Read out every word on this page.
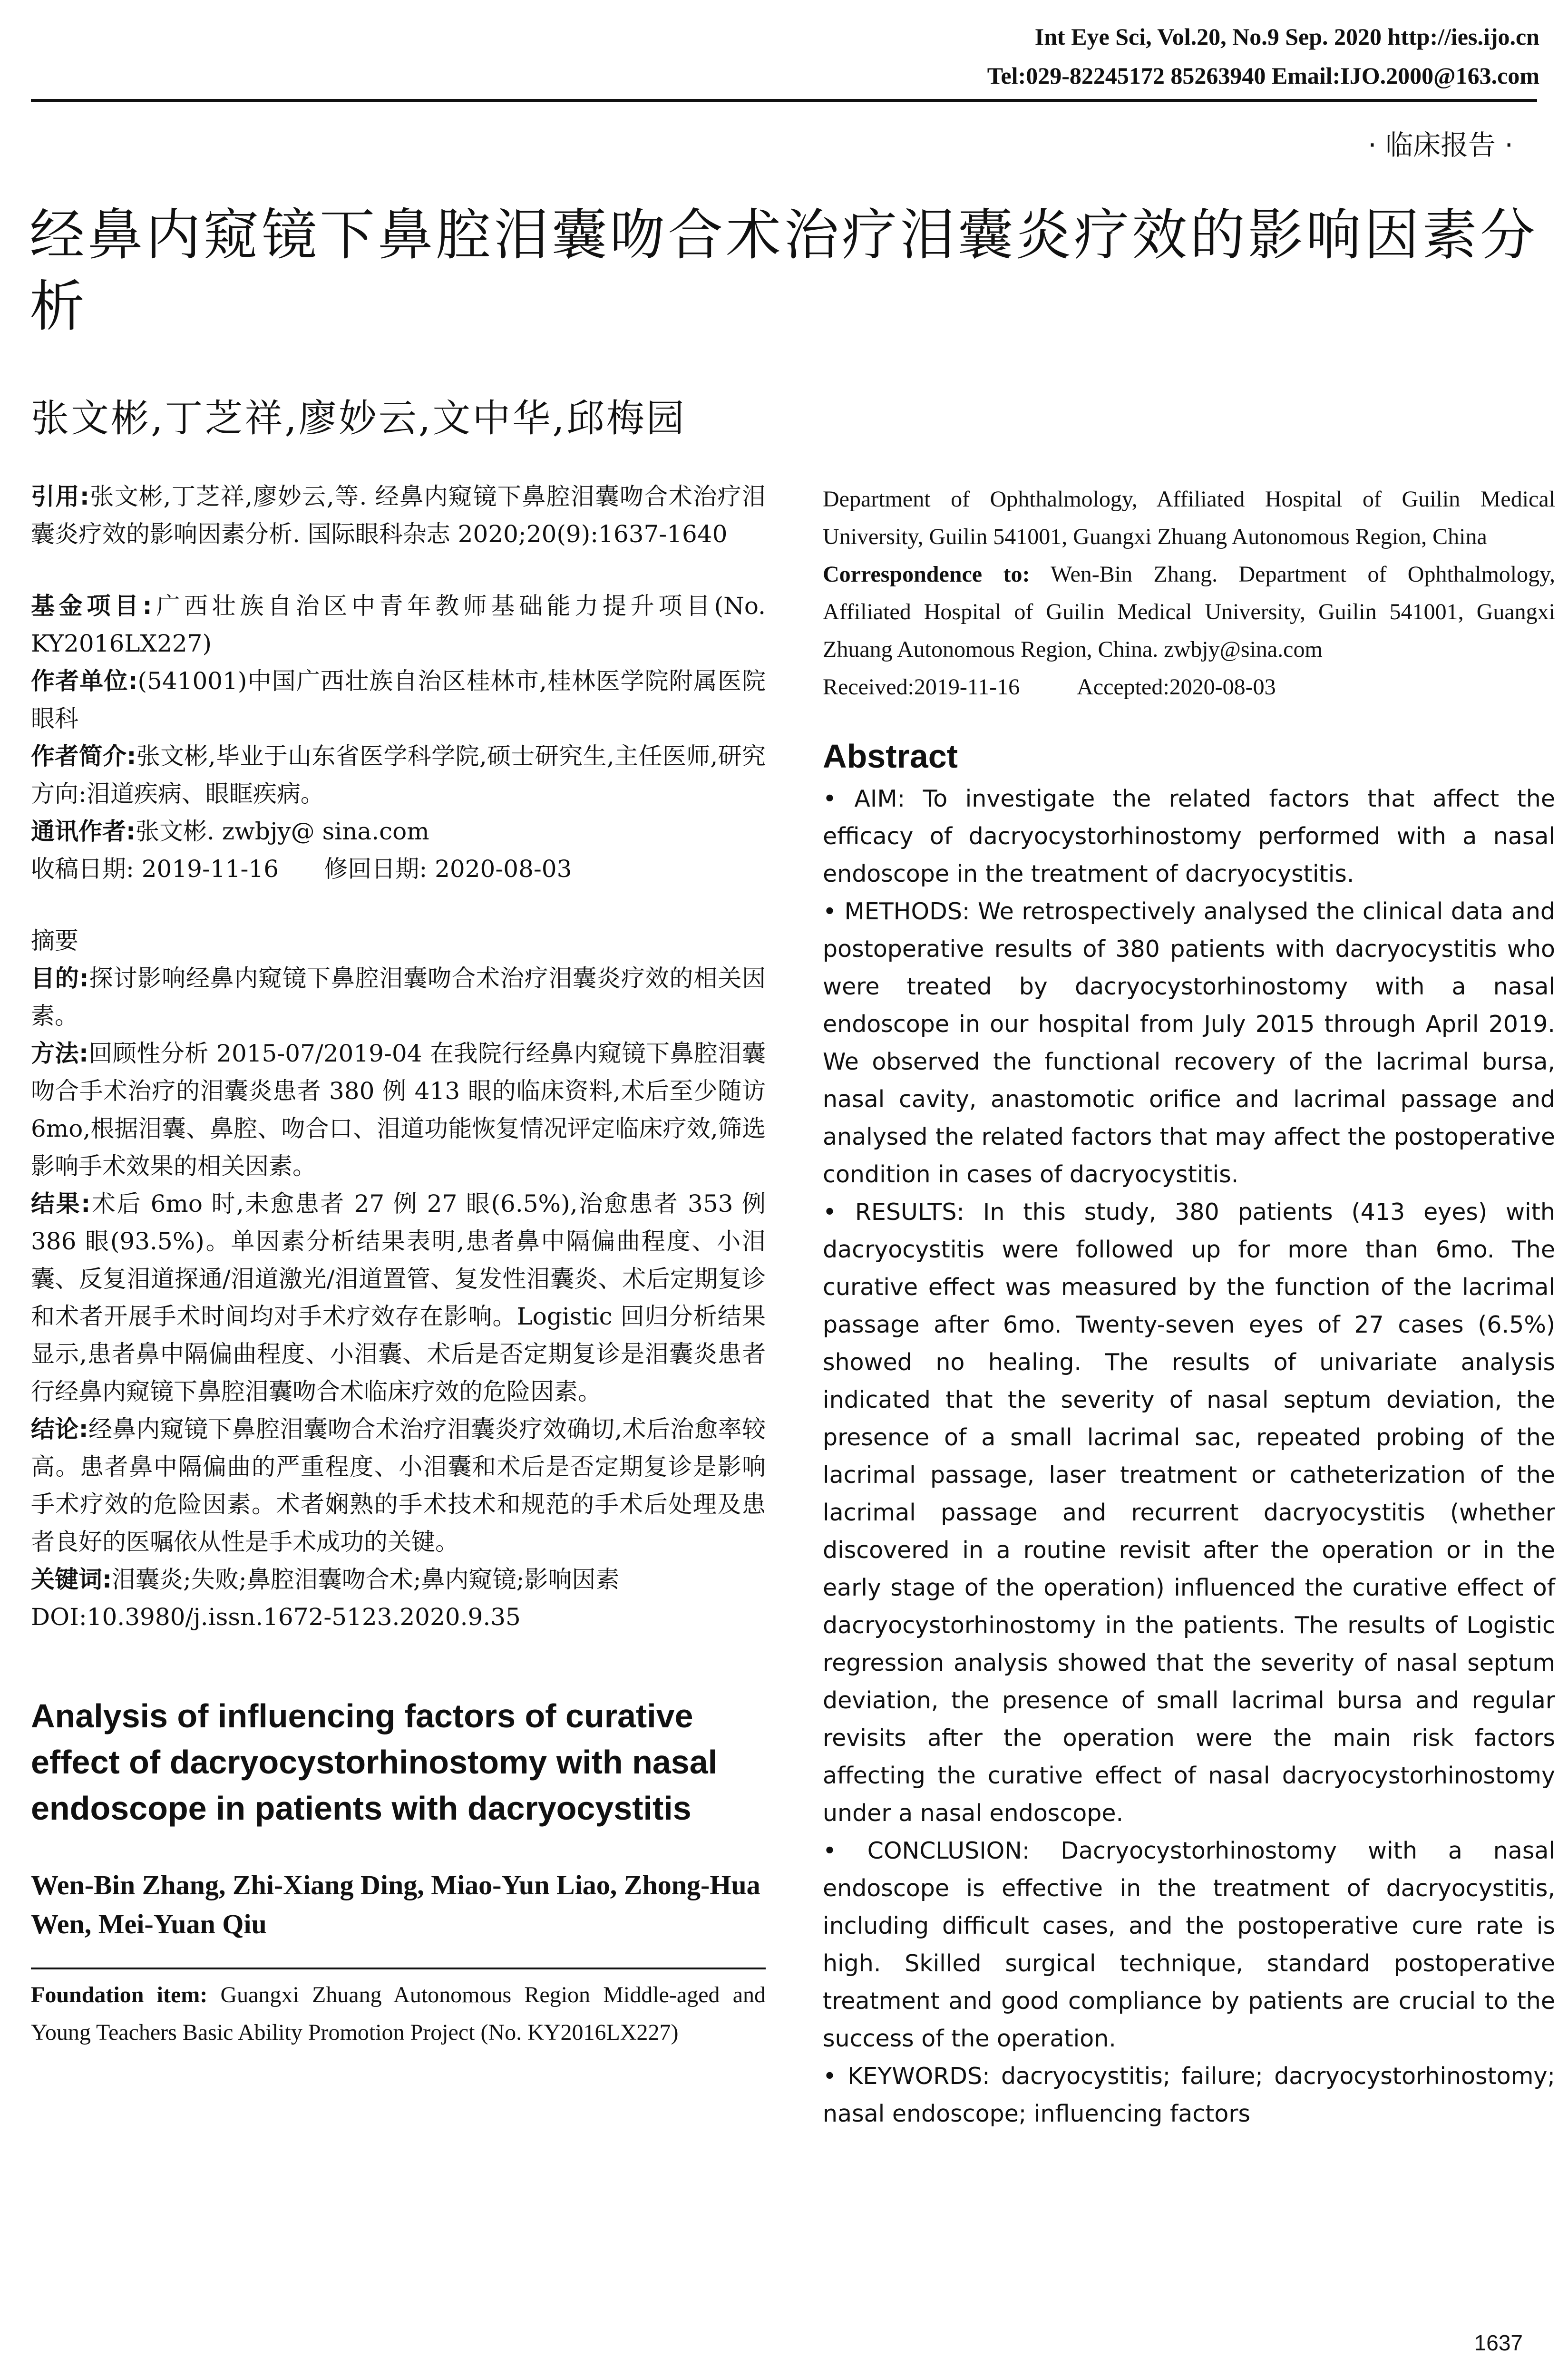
Int Eye Sci, Vol.20, No.9 Sep. 2020 http://ies.ijo.cn
Tel:029-82245172 85263940 Email:IJO.2000@163.com
· 临床报告 ·
经鼻内窥镜下鼻腔泪囊吻合术治疗泪囊炎疗效的影响因素分析
张文彬,丁芝祥,廖妙云,文中华,邱梅园

引用:张文彬,丁芝祥,廖妙云,等. 经鼻内窥镜下鼻腔泪囊吻合术治疗泪囊炎疗效的影响因素分析. 国际眼科杂志 2020;20(9):1637-1640

基金项目:广西壮族自治区中青年教师基础能力提升项目(No. KY2016LX227)

作者单位:(541001)中国广西壮族自治区桂林市,桂林医学院附属医院眼科

作者简介:张文彬,毕业于山东省医学科学院,硕士研究生,主任医师,研究方向:泪道疾病、眼眶疾病。

通讯作者:张文彬. zwbjy@ sina.com

收稿日期: 2019-11-16      修回日期: 2020-08-03

摘要

目的:探讨影响经鼻内窥镜下鼻腔泪囊吻合术治疗泪囊炎疗效的相关因素。

方法:回顾性分析 2015-07/2019-04 在我院行经鼻内窥镜下鼻腔泪囊吻合手术治疗的泪囊炎患者 380 例 413 眼的临床资料,术后至少随访 6mo,根据泪囊、鼻腔、吻合口、泪道功能恢复情况评定临床疗效,筛选影响手术效果的相关因素。

结果:术后 6mo 时,未愈患者 27 例 27 眼(6.5%),治愈患者 353 例 386 眼(93.5%)。单因素分析结果表明,患者鼻中隔偏曲程度、小泪囊、反复泪道探通/泪道激光/泪道置管、复发性泪囊炎、术后定期复诊和术者开展手术时间均对手术疗效存在影响。Logistic 回归分析结果显示,患者鼻中隔偏曲程度、小泪囊、术后是否定期复诊是泪囊炎患者行经鼻内窥镜下鼻腔泪囊吻合术临床疗效的危险因素。

结论:经鼻内窥镜下鼻腔泪囊吻合术治疗泪囊炎疗效确切,术后治愈率较高。患者鼻中隔偏曲的严重程度、小泪囊和术后是否定期复诊是影响手术疗效的危险因素。术者娴熟的手术技术和规范的手术后处理及患者良好的医嘱依从性是手术成功的关键。

关键词:泪囊炎;失败;鼻腔泪囊吻合术;鼻内窥镜;影响因素

DOI:10.3980/j.issn.1672-5123.2020.9.35

Analysis of influencing factors of curative effect of dacryocystorhinostomy with nasal endoscope in patients with dacryocystitis

Wen-Bin Zhang, Zhi-Xiang Ding, Miao-Yun Liao, Zhong-Hua Wen, Mei-Yuan Qiu

Foundation item: Guangxi Zhuang Autonomous Region Middle-aged and Young Teachers Basic Ability Promotion Project (No. KY2016LX227)

Department of Ophthalmology, Affiliated Hospital of Guilin Medical University, Guilin 541001, Guangxi Zhuang Autonomous Region, China

Correspondence to: Wen-Bin Zhang. Department of Ophthalmology, Affiliated Hospital of Guilin Medical University, Guilin 541001, Guangxi Zhuang Autonomous Region, China. zwbjy@sina.com

Received:2019-11-16	Accepted:2020-08-03

Abstract

• AIM: To investigate the related factors that affect the efficacy of dacryocystorhinostomy performed with a nasal endoscope in the treatment of dacryocystitis.

• METHODS: We retrospectively analysed the clinical data and postoperative results of 380 patients with dacryocystitis who were treated by dacryocystorhinostomy with a nasal endoscope in our hospital from July 2015 through April 2019. We observed the functional recovery of the lacrimal bursa, nasal cavity, anastomotic orifice and lacrimal passage and analysed the related factors that may affect the postoperative condition in cases of dacryocystitis.

• RESULTS: In this study, 380 patients (413 eyes) with dacryocystitis were followed up for more than 6mo. The curative effect was measured by the function of the lacrimal passage after 6mo. Twenty-seven eyes of 27 cases (6.5%) showed no healing. The results of univariate analysis indicated that the severity of nasal septum deviation, the presence of a small lacrimal sac, repeated probing of the lacrimal passage, laser treatment or catheterization of the lacrimal passage and recurrent dacryocystitis (whether discovered in a routine revisit after the operation or in the early stage of the operation) influenced the curative effect of dacryocystorhinostomy in the patients. The results of Logistic regression analysis showed that the severity of nasal septum deviation, the presence of small lacrimal bursa and regular revisits after the operation were the main risk factors affecting the curative effect of nasal dacryocystorhinostomy under a nasal endoscope.

• CONCLUSION: Dacryocystorhinostomy with a nasal endoscope is effective in the treatment of dacryocystitis, including difficult cases, and the postoperative cure rate is high. Skilled surgical technique, standard postoperative treatment and good compliance by patients are crucial to the success of the operation.

• KEYWORDS: dacryocystitis; failure; dacryocystorhinostomy; nasal endoscope; influencing factors

1637
